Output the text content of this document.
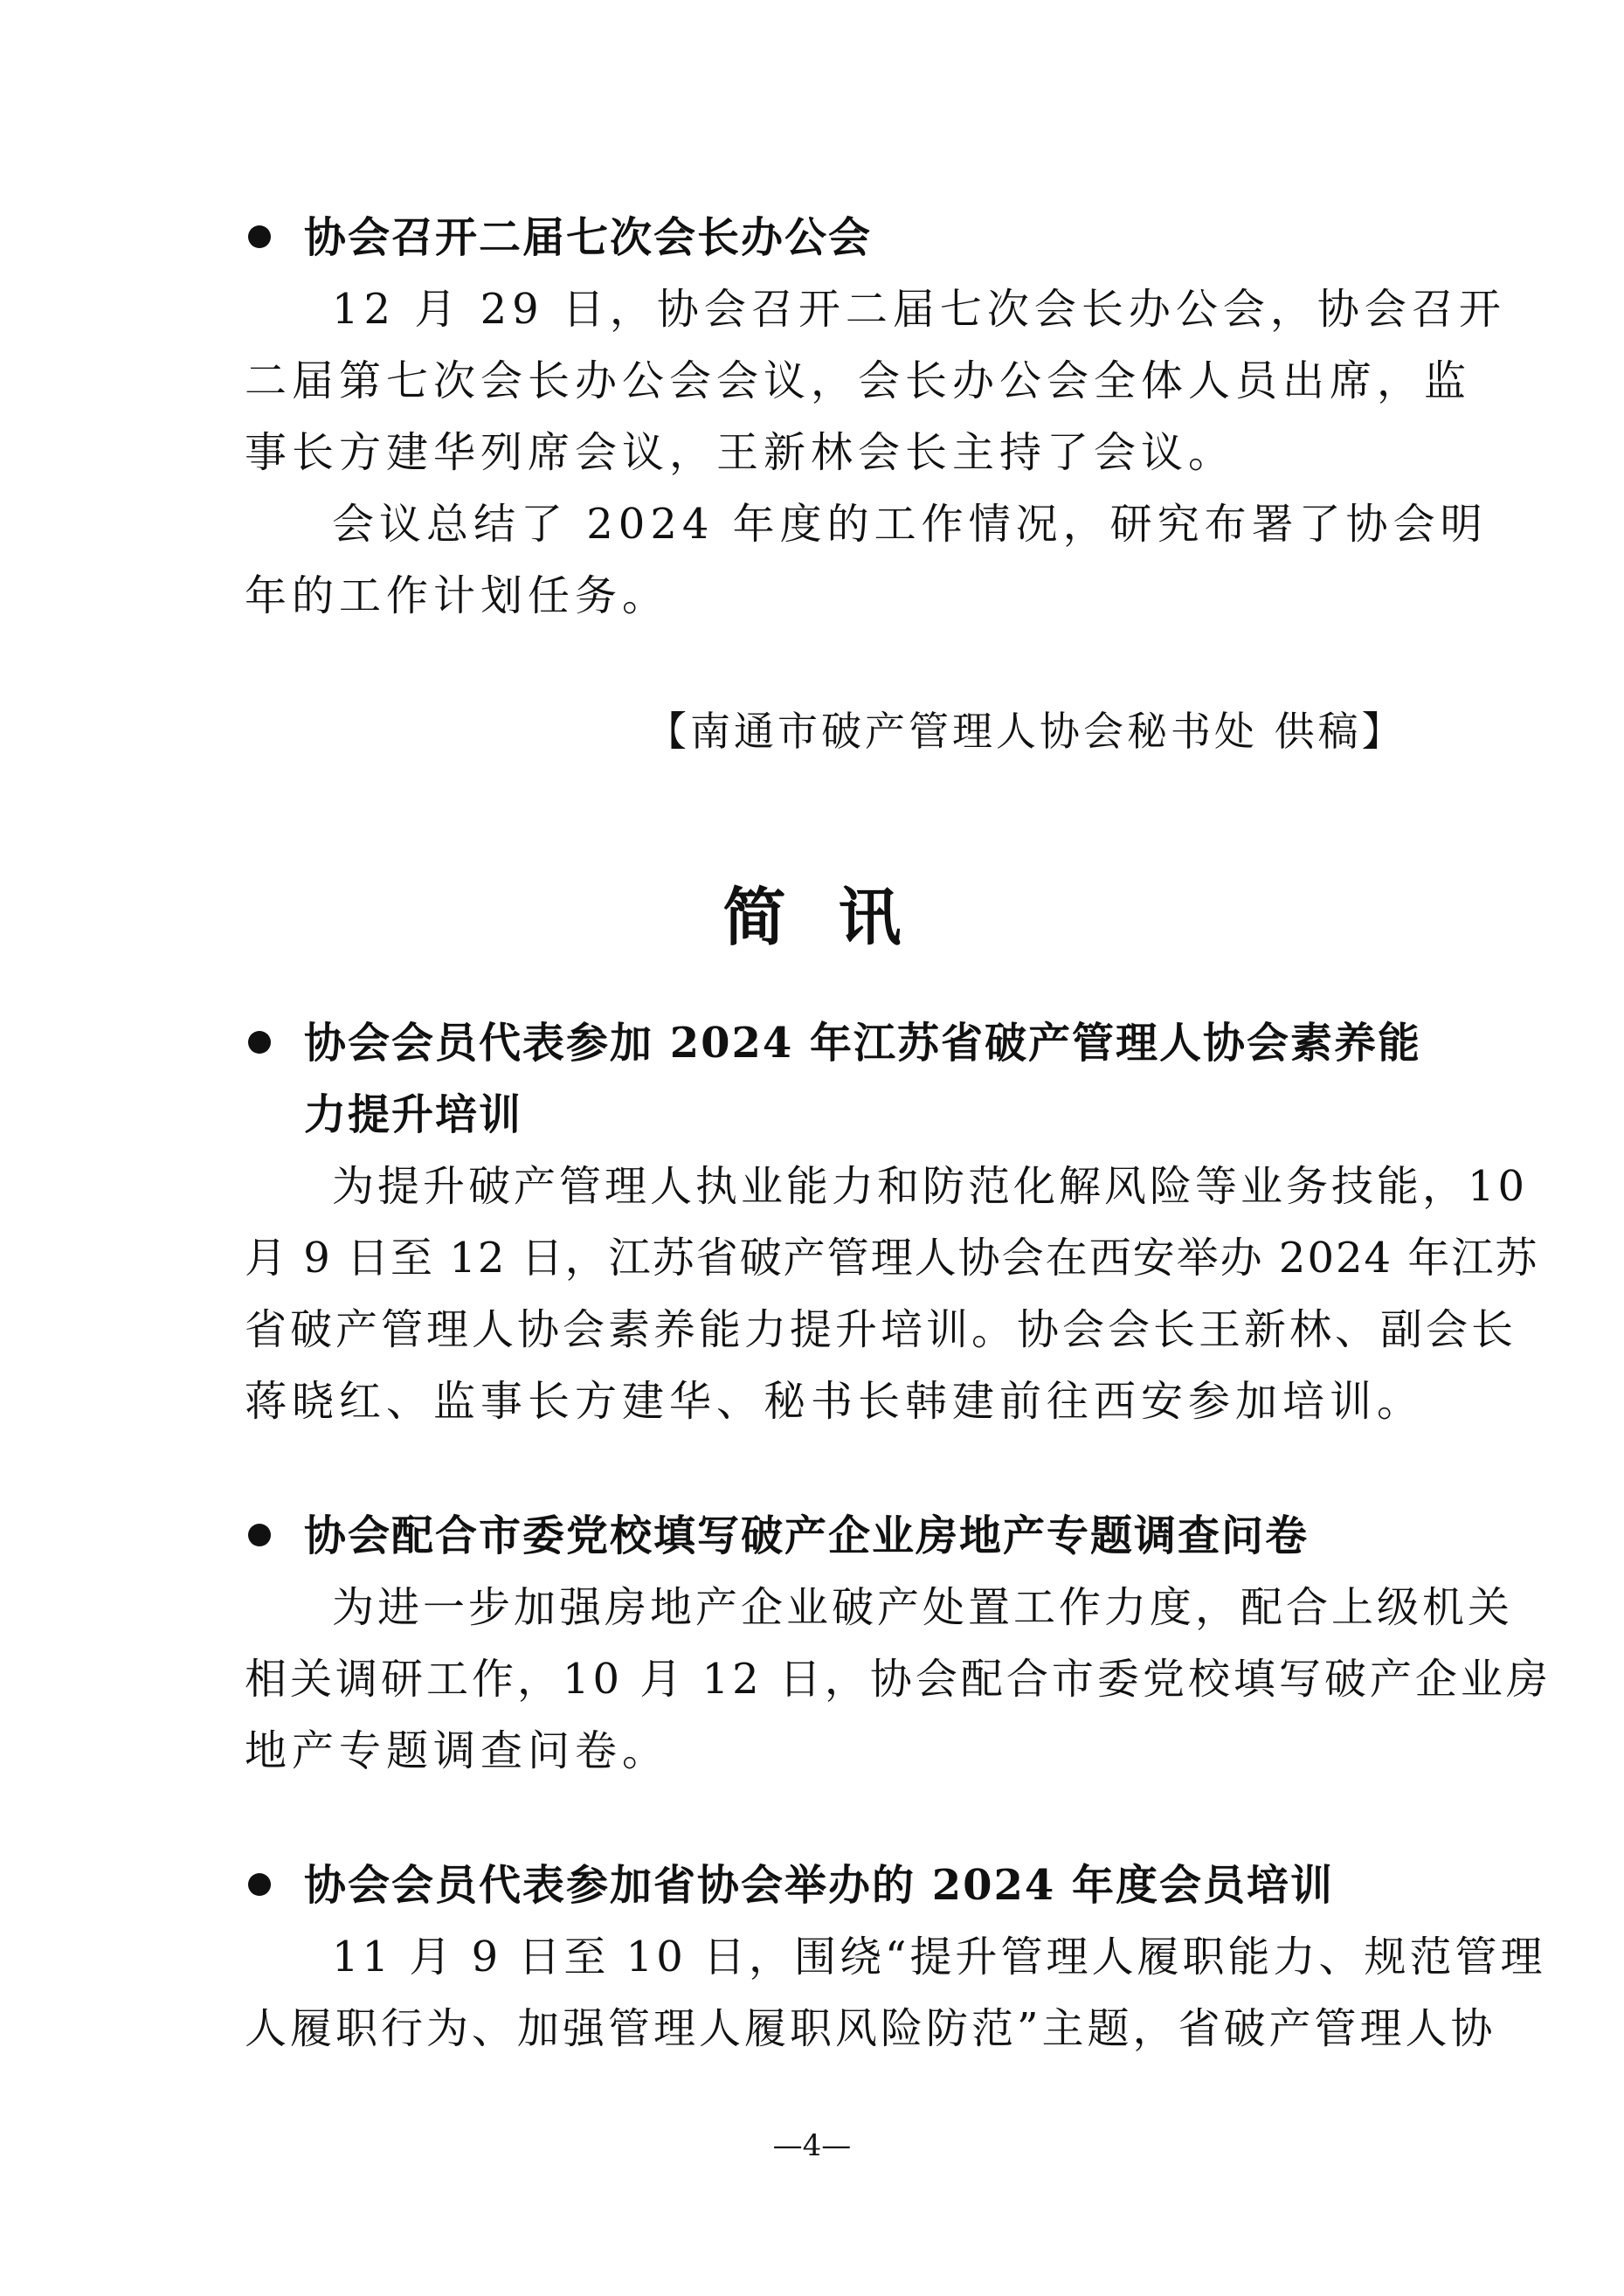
协会召开二届七次会长办公会
12 月 29 日，协会召开二届七次会长办公会，协会召开
二届第七次会长办公会会议，会长办公会全体人员出席，监
事长方建华列席会议，王新林会长主持了会议。
会议总结了 2024 年度的工作情况，研究布署了协会明
年的工作计划任务。
【南通市破产管理人协会秘书处 供稿】
简讯
协会会员代表参加 2024 年江苏省破产管理人协会素养能
力提升培训
为提升破产管理人执业能力和防范化解风险等业务技能，10
月 9 日至 12 日，江苏省破产管理人协会在西安举办 2024 年江苏
省破产管理人协会素养能力提升培训。协会会长王新林、副会长
蒋晓红、监事长方建华、秘书长韩建前往西安参加培训。
协会配合市委党校填写破产企业房地产专题调查问卷
为进一步加强房地产企业破产处置工作力度，配合上级机关
相关调研工作，10 月 12 日，协会配合市委党校填写破产企业房
地产专题调查问卷。
协会会员代表参加省协会举办的 2024 年度会员培训
11 月 9 日至 10 日，围绕“提升管理人履职能力、规范管理
人履职行为、加强管理人履职风险防范”主题，省破产管理人协
—4—
